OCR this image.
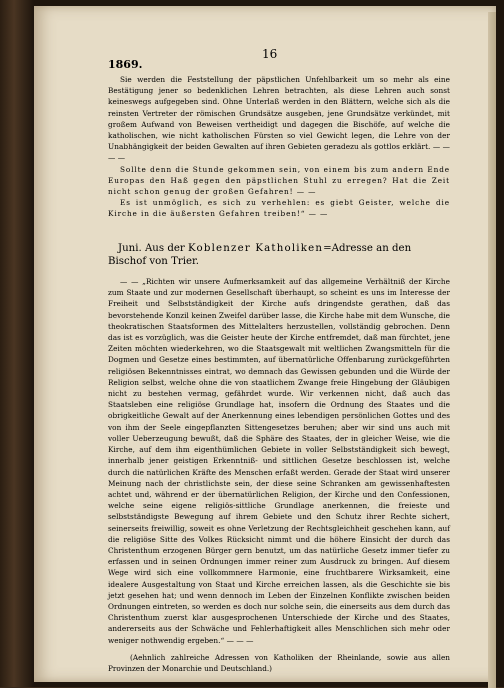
16
1869.

Sie werden die Feststellung der päpstlichen Unfehlbarkeit um so mehr als eine Bestätigung jener so bedenklichen Lehren betrachten, als diese Lehren auch sonst keineswegs aufgegeben sind. Ohne Unterlaß werden in den Blättern, welche sich als die reinsten Vertreter der römischen Grundsätze ausgeben, jene Grundsätze verkündet, mit großem Aufwand von Beweisen vertheidigt und dagegen die Bischöfe, auf welche die katholischen, wie nicht katholischen Fürsten so viel Gewicht legen, die Lehre von der Unabhängigkeit der beiden Gewalten auf ihren Gebieten geradezu als gottlos erklärt. — — — —

Sollte denn die Stunde gekommen sein, von einem bis zum andern Ende Europas den Haß gegen den päpstlichen Stuhl zu erregen? Hat die Zeit nicht schon genug der großen Gefahren! — —

Es ist unmöglich, es sich zu verhehlen: es giebt Geister, welche die Kirche in die äußersten Gefahren treiben!“ — —

Juni. Aus der Koblenzer Katholiken=Adresse an den Bischof von Trier.

— — „Richten wir unsere Aufmerksamkeit auf das allgemeine Verhältniß der Kirche zum Staate und zur modernen Gesellschaft überhaupt, so scheint es uns im Interesse der Freiheit und Selbstständigkeit der Kirche aufs dringendste gerathen, daß das bevorstehende Konzil keinen Zweifel darüber lasse, die Kirche habe mit dem Wunsche, die theokratischen Staatsformen des Mittelalters herzustellen, vollständig gebrochen. Denn das ist es vorzüglich, was die Geister heute der Kirche entfremdet, daß man fürchtet, jene Zeiten möchten wiederkehren, wo die Staatsgewalt mit weltlichen Zwangsmitteln für die Dogmen und Gesetze eines bestimmten, auf übernatürliche Offenbarung zurückgeführten religiösen Bekenntnisses eintrat, wo demnach das Gewissen gebunden und die Würde der Religion selbst, welche ohne die von staatlichem Zwange freie Hingebung der Gläubigen nicht zu bestehen vermag, gefährdet wurde. Wir verkennen nicht, daß auch das Staatsleben eine religiöse Grundlage hat, insofern die Ordnung des Staates und die obrigkeitliche Gewalt auf der Anerkennung eines lebendigen persönlichen Gottes und des von ihm der Seele eingepflanzten Sittengesetzes beruhen; aber wir sind uns auch mit voller Ueberzeugung bewußt, daß die Sphäre des Staates, der in gleicher Weise, wie die Kirche, auf dem ihm eigenthümlichen Gebiete in voller Selbstständigkeit sich bewegt, innerhalb jener geistigen Erkenntniß- und sittlichen Gesetze beschlossen ist, welche durch die natürlichen Kräfte des Menschen erfaßt werden. Gerade der Staat wird unserer Meinung nach der christlichste sein, der diese seine Schranken am gewissenhaftesten achtet und, während er der übernatürlichen Religion, der Kirche und den Confessionen, welche seine eigene religiös-sittliche Grundlage anerkennen, die freieste und selbstständigste Bewegung auf ihrem Gebiete und den Schutz ihrer Rechte sichert, seinerseits freiwillig, soweit es ohne Verletzung der Rechtsgleichheit geschehen kann, auf die religiöse Sitte des Volkes Rücksicht nimmt und die höhere Einsicht der durch das Christenthum erzogenen Bürger gern benutzt, um das natürliche Gesetz immer tiefer zu erfassen und in seinen Ordnungen immer reiner zum Ausdruck zu bringen. Auf diesem Wege wird sich eine vollkommnere Harmonie, eine fruchtbarere Wirksamkeit, eine idealere Ausgestaltung von Staat und Kirche erreichen lassen, als die Geschichte sie bis jetzt gesehen hat; und wenn dennoch im Leben der Einzelnen Konflikte zwischen beiden Ordnungen eintreten, so werden es doch nur solche sein, die einerseits aus dem durch das Christenthum zuerst klar ausgesprochenen Unterschiede der Kirche und des Staates, andererseits aus der Schwäche und Fehlerhaftigkeit alles Menschlichen sich mehr oder weniger nothwendig ergeben.“ — — —

(Aehnlich zahlreiche Adressen von Katholiken der Rheinlande, sowie aus allen Provinzen der Monarchie und Deutschland.)
